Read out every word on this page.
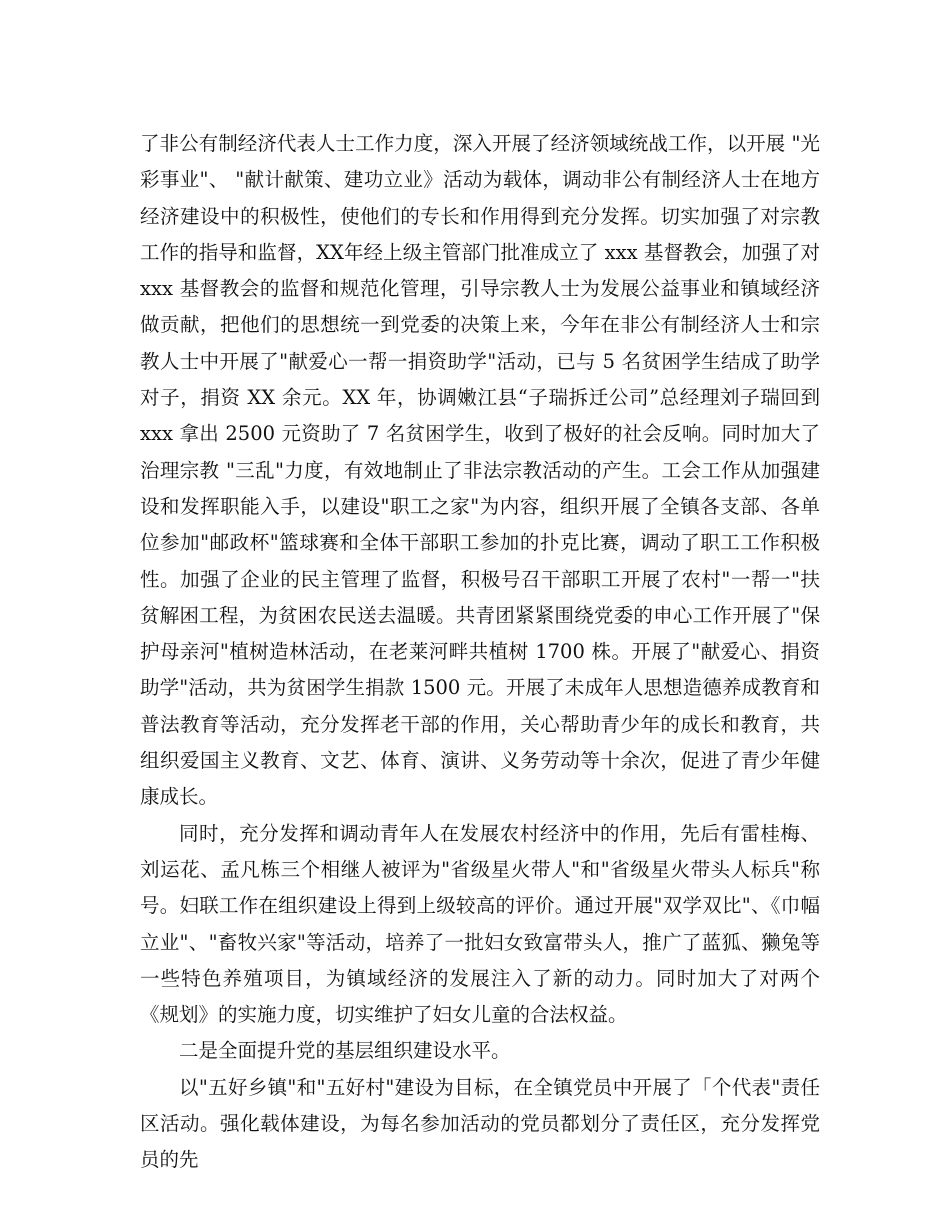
了非公有制经济代表人士工作力度，深入开展了经济领域统战工作，以开展 "光彩事业"、 "献计献策、建功立业》活动为载体，调动非公有制经济人士在地方经济建设中的积极性，使他们的专长和作用得到充分发挥。切实加强了对宗教工作的指导和监督，XX年经上级主管部门批准成立了 xxx 基督教会，加强了对 xxx 基督教会的监督和规范化管理，引导宗教人士为发展公益事业和镇域经济做贡献，把他们的思想统一到党委的决策上来，今年在非公有制经济人士和宗教人士中开展了"献爱心一帮一捐资助学"活动，已与 5 名贫困学生结成了助学对子，捐资 XX 余元。XX 年，协调嫩江县“子瑞拆迁公司”总经理刘子瑞回到 xxx 拿出 2500 元资助了 7 名贫困学生，收到了极好的社会反响。同时加大了治理宗教 "三乱"力度，有效地制止了非法宗教活动的产生。工会工作从加强建设和发挥职能入手，以建设"职工之家"为内容，组织开展了全镇各支部、各单位参加"邮政杯"篮球赛和全体干部职工参加的扑克比赛，调动了职工工作积极性。加强了企业的民主管理了监督，积极号召干部职工开展了农村"一帮一"扶贫解困工程，为贫困农民送去温暖。共青团紧紧围绕党委的申心工作开展了"保护母亲河"植树造林活动，在老莱河畔共植树 1700 株。开展了"献爱心、捐资助学"活动，共为贫困学生捐款 1500 元。开展了未成年人思想造德养成教育和普法教育等活动，充分发挥老干部的作用，关心帮助青少年的成长和教育，共组织爱国主义教育、文艺、体育、演讲、义务劳动等十余次，促进了青少年健康成长。

同时，充分发挥和调动青年人在发展农村经济中的作用，先后有雷桂梅、刘运花、孟凡栋三个相继人被评为"省级星火带人"和"省级星火带头人标兵"称号。妇联工作在组织建设上得到上级较高的评价。通过开展"双学双比"、《巾幅立业"、"畜牧兴家"等活动，培养了一批妇女致富带头人，推广了蓝狐、獭兔等一些特色养殖项目，为镇域经济的发展注入了新的动力。同时加大了对两个《规划》的实施力度，切实维护了妇女儿童的合法权益。

二是全面提升党的基层组织建设水平。

以"五好乡镇"和"五好村"建设为目标，在全镇党员中开展了「个代表"责任区活动。强化载体建设，为每名参加活动的党员都划分了责任区，充分发挥党员的先
